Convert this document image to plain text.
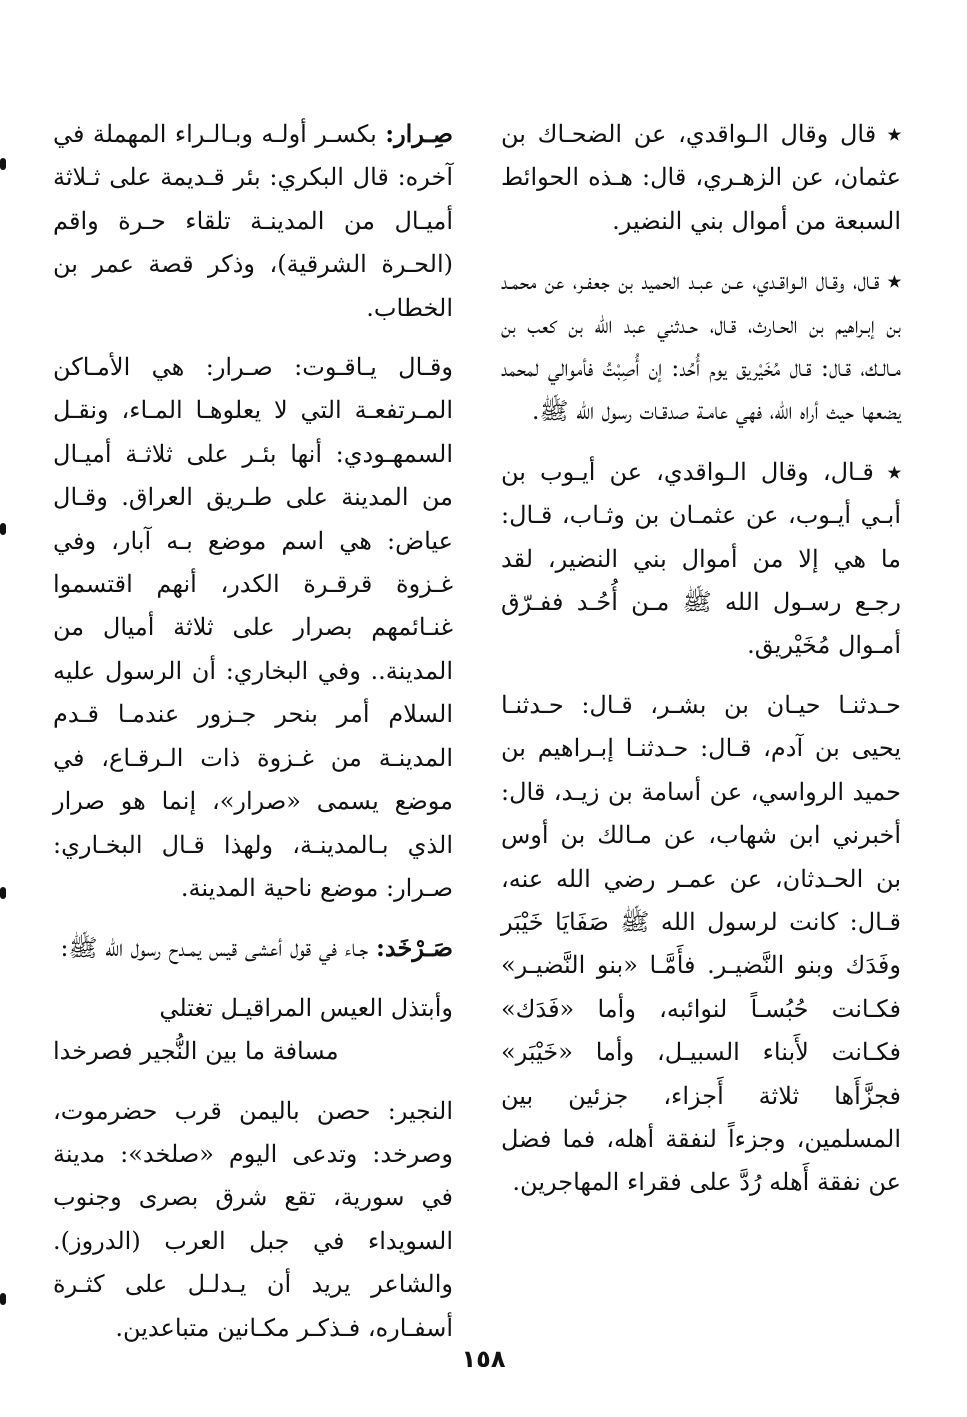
٭ قال وقال الـواقدي، عن الضحـاك بن عثمان، عن الزهـري، قال: هـذه الحوائط السبعة من أموال بني النضير.

٭ قـال، وقـال الـواقـدي، عـن عبـد الحميد بن جعفـر، عن محمـد بن إبـراهيم بن الحـارث، قـال، حـدثني عبد الله بن كعب بن مـالـك، قـال: قـال مُخَيْريق يوم أُحُد: إن أُصِبْتُ فأموالي لمحمد يضعها حيث أراه الله، فهي عامـة صدقـات رسول الله ﷺ.

٭ قـال، وقال الـواقدي، عن أيـوب بن أبـي أيـوب، عن عثمـان بن وثـاب، قـال: ما هي إلا من أموال بني النضير، لقد رجـع رسـول الله ﷺ مـن أُحُـد ففـرّق أمـوال مُخَيْريق.

حـدثنـا حيـان بن بشـر، قـال: حـدثنـا يحيى بن آدم، قـال: حـدثنـا إبـراهيم بن حميد الرواسي، عن أسامة بن زيـد، قال: أخبرني ابن شهاب، عن مـالك بن أوس بن الحـدثان، عن عمـر رضي الله عنه، قـال: كانت لرسول الله ﷺ صَفَايَا خَيْبَر وفَدَك وبنو النَّضيـر. فأَمَّـا «بنو النَّضيـر» فكـانت حُبُسـاً لنوائبه، وأما «فَدَك» فكـانت لأَبناء السبيـل، وأما «خَيْبَر» فجزَّأَها ثلاثة أَجزاء، جزئين بين المسلمين، وجزءاً لنفقة أهله، فما فضل عن نفقة أَهله رُدَّ على فقراء المهاجرين.

صِـرار: بكسـر أولـه وبـالـراء المهملة في آخره: قال البكري: بئر قـديمة على ثـلاثة أميـال من المدينـة تلقاء حـرة واقم (الحـرة الشرقية)، وذكر قصة عمر بن الخطاب.

وقـال يـاقـوت: صـرار: هي الأمـاكن المـرتفعـة التي لا يعلوهـا المـاء، ونقـل السمهـودي: أنها بئـر على ثلاثـة أميـال من المدينة على طـريق العراق. وقـال عياض: هي اسم موضع بـه آبار، وفي غـزوة قرقـرة الكدر، أنهم اقتسموا غنـائمهم بصرار على ثلاثة أميال من المدينة.. وفي البخاري: أن الرسول عليه السلام أمر بنحر جـزور عندمـا قـدم المدينـة من غـزوة ذات الـرقـاع، في موضع يسمى «صرار»، إنما هو صرار الذي بـالمدينـة، ولهذا قـال البخـاري: صـرار: موضع ناحية المدينة.

صَـرْخَد: جـاء في قول أعشى قيس يمـدح رسول الله ﷺ:

وأبتذل العيس المراقيـل تغتلي

مسافة ما بين النُّجير فصرخدا

النجير: حصن باليمن قرب حضرموت، وصرخد: وتدعى اليوم «صلخد»: مدينة في سورية، تقع شرق بصرى وجنوب السويداء في جبل العرب (الدروز). والشاعر يريد أن يـدلـل على كثـرة أسفـاره، فـذكـر مكـانين متباعدين.

١٥٨
